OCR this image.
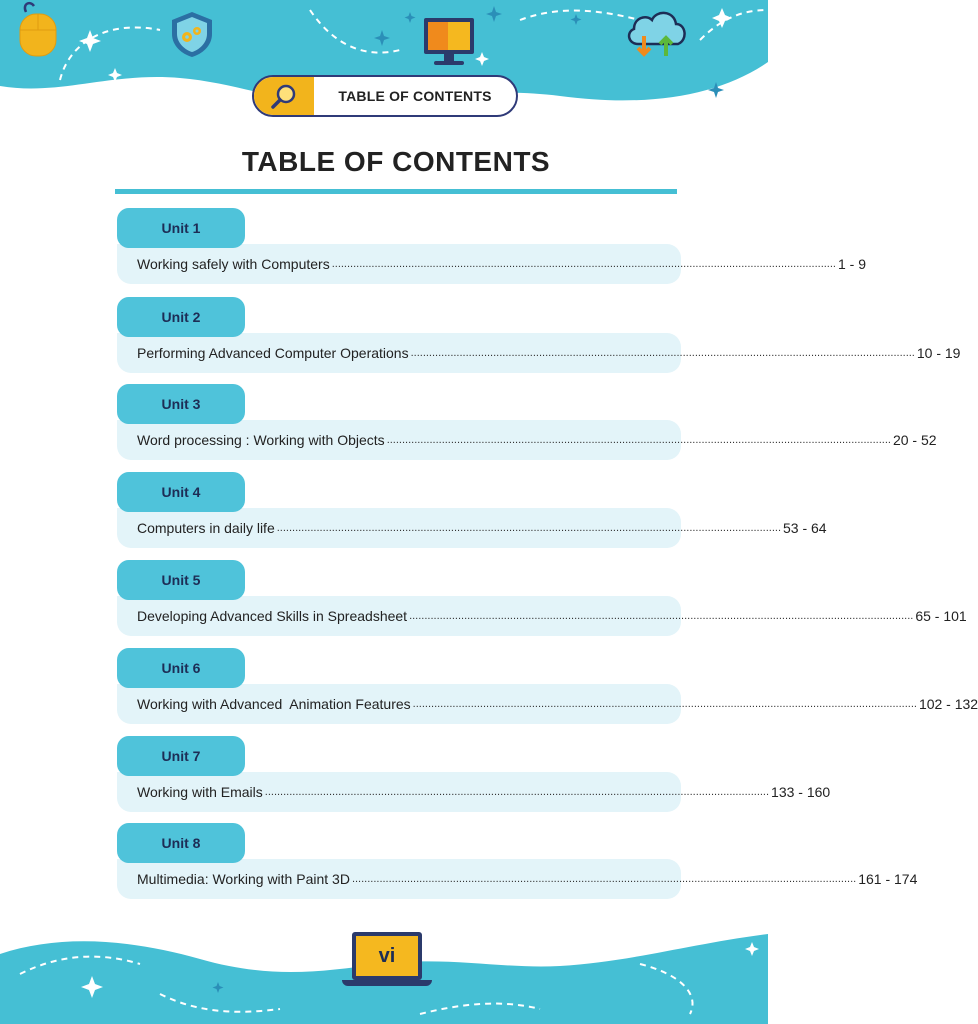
TABLE OF CONTENTS
TABLE OF CONTENTS
Working safely with Computers ..................................................................................................................................................................... 1 - 9
Unit 1
Performing Advanced Computer Operations ..................................................................................................................................................................... 10 - 19
Unit 2
Word processing : Working with Objects ..................................................................................................................................................................... 20 - 52
Unit 3
Computers in daily life ..................................................................................................................................................................... 53 - 64
Unit 4
Developing Advanced Skills in Spreadsheet ..................................................................................................................................................................... 65 - 101
Unit 5
Working with Advanced  Animation Features ..................................................................................................................................................................... 102 - 132
Unit 6
Working with Emails ..................................................................................................................................................................... 133 - 160
Unit 7
Multimedia: Working with Paint 3D ..................................................................................................................................................................... 161 - 174
Unit 8
vi
